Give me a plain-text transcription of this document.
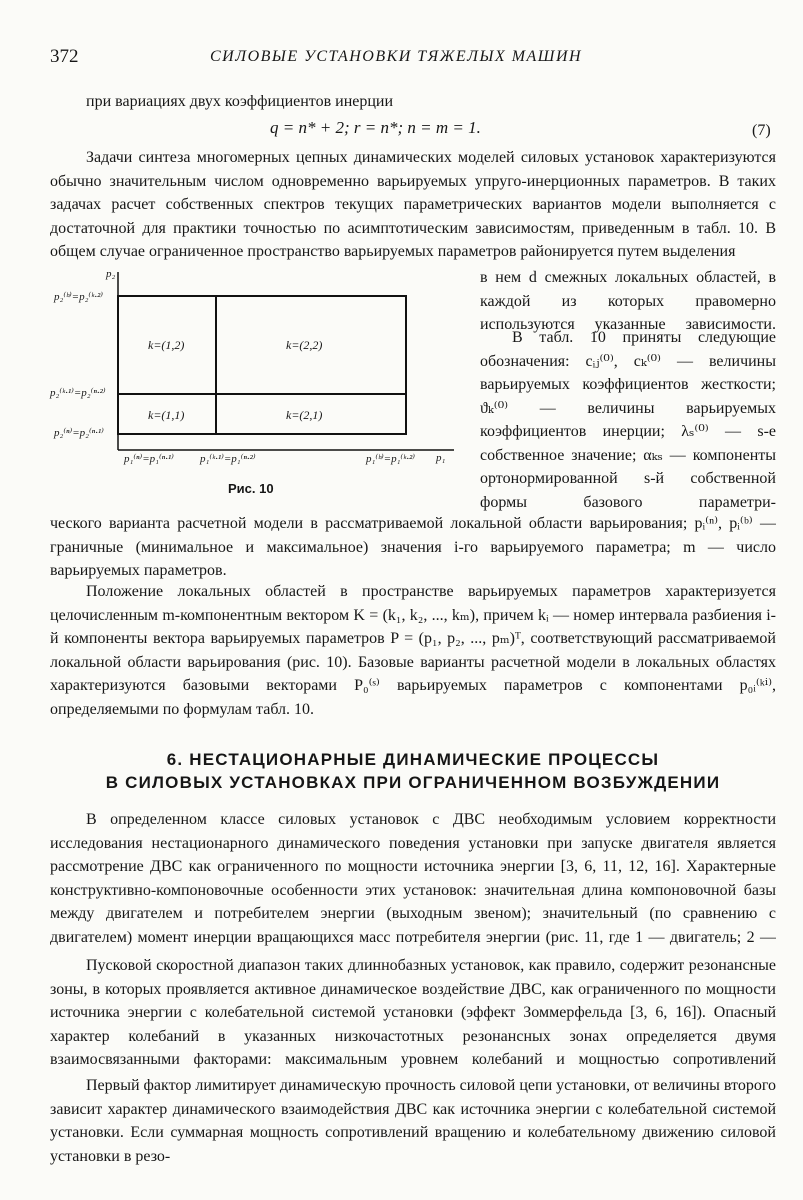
372	СИЛОВЫЕ УСТАНОВКИ ТЯЖЕЛЫХ МАШИН
при вариациях двух коэффициентов инерции
q = n* + 2; r = n*; n = m = 1.	(7)

Задачи синтеза многомерных цепных динамических моделей силовых установок характеризуются обычно значительным числом одновременно варьируемых упруго-инерционных параметров. В таких задачах расчет собственных спектров текущих параметрических вариантов модели выполняется с достаточной для практики точностью по асимптотическим зависимостям, приведенным в табл. 10. В общем случае ограниченное пространство варьируемых параметров районируется путем выделения

p₂
p₂⁽ᵇ⁾=p₂⁽ᵏ·²⁾
p₂⁽ᵏ·¹⁾=p₂⁽ⁿ·²⁾
p₂⁽ⁿ⁾=p₂⁽ⁿ·¹⁾
k=(1,2)	k=(2,2)
k=(1,1)	k=(2,1)
p₁⁽ⁿ⁾=p₁⁽ⁿ·¹⁾ p₁⁽ᵏ·¹⁾=p₁⁽ⁿ·²⁾	p₁⁽ᵇ⁾=p₁⁽ᵏ·²⁾ p₁
Рис. 10
в нем d смежных локальных областей, в каждой из которых правомерно используются указанные зависимости.
В табл. 10 приняты следующие обозначения: cᵢⱼ⁽⁰⁾, cₖ⁽⁰⁾ — величины варьируемых коэффициентов жесткости; ϑₖ⁽⁰⁾ — величины варьируемых коэффициентов инерции; λₛ⁽⁰⁾ — s-е собственное значение; αₖₛ — компоненты ортонормированной s-й собственной формы базового параметри-

ческого варианта расчетной модели в рассматриваемой локальной области варьирования; pᵢ⁽ⁿ⁾, pᵢ⁽ᵇ⁾ — граничные (минимальное и максимальное) значения i-го варьируемого параметра; m — число варьируемых параметров.

Положение локальных областей в пространстве варьируемых параметров характеризуется целочисленным m-компонентным вектором K = (k₁, k₂, ..., kₘ), причем kᵢ — номер интервала разбиения i-й компоненты вектора варьируемых параметров P = (p₁, p₂, ..., pₘ)ᵀ, соответствующий рассматриваемой локальной области варьирования (рис. 10). Базовые варианты расчетной модели в локальных областях характеризуются базовыми векторами P₀⁽ˢ⁾ варьируемых параметров с компонентами p₀ᵢ⁽ᵏⁱ⁾, определяемыми по формулам табл. 10.

6. НЕСТАЦИОНАРНЫЕ ДИНАМИЧЕСКИЕ ПРОЦЕССЫ
В СИЛОВЫХ УСТАНОВКАХ ПРИ ОГРАНИЧЕННОМ ВОЗБУЖДЕНИИ

В определенном классе силовых установок с ДВС необходимым условием корректности исследования нестационарного динамического поведения установки при запуске двигателя является рассмотрение ДВС как ограниченного по мощности источника энергии [3, 6, 11, 12, 16]. Характерные конструктивно-компоновочные особенности этих установок: значительная длина компоновочной базы между двигателем и потребителем энергии (выходным звеном); значительный (по сравнению с двигателем) момент инерции вращающихся масс потребителя энергии (рис. 11, где 1 — двигатель; 2 —

Пусковой скоростной диапазон таких длиннобазных установок, как правило, содержит резонансные зоны, в которых проявляется активное динамическое воздействие ДВС, как ограниченного по мощности источника энергии с колебательной системой установки (эффект Зоммерфельда [3, 6, 16]). Опасный характер колебаний в указанных низкочастотных резонансных зонах определяется двумя взаимосвязанными факторами: максимальным уровнем колебаний и мощностью сопротивлений

Первый фактор лимитирует динамическую прочность силовой цепи установки, от величины второго зависит характер динамического взаимодействия ДВС как источника энергии с колебательной системой установки. Если суммарная мощность сопротивлений вращению и колебательному движению силовой установки в резо-
